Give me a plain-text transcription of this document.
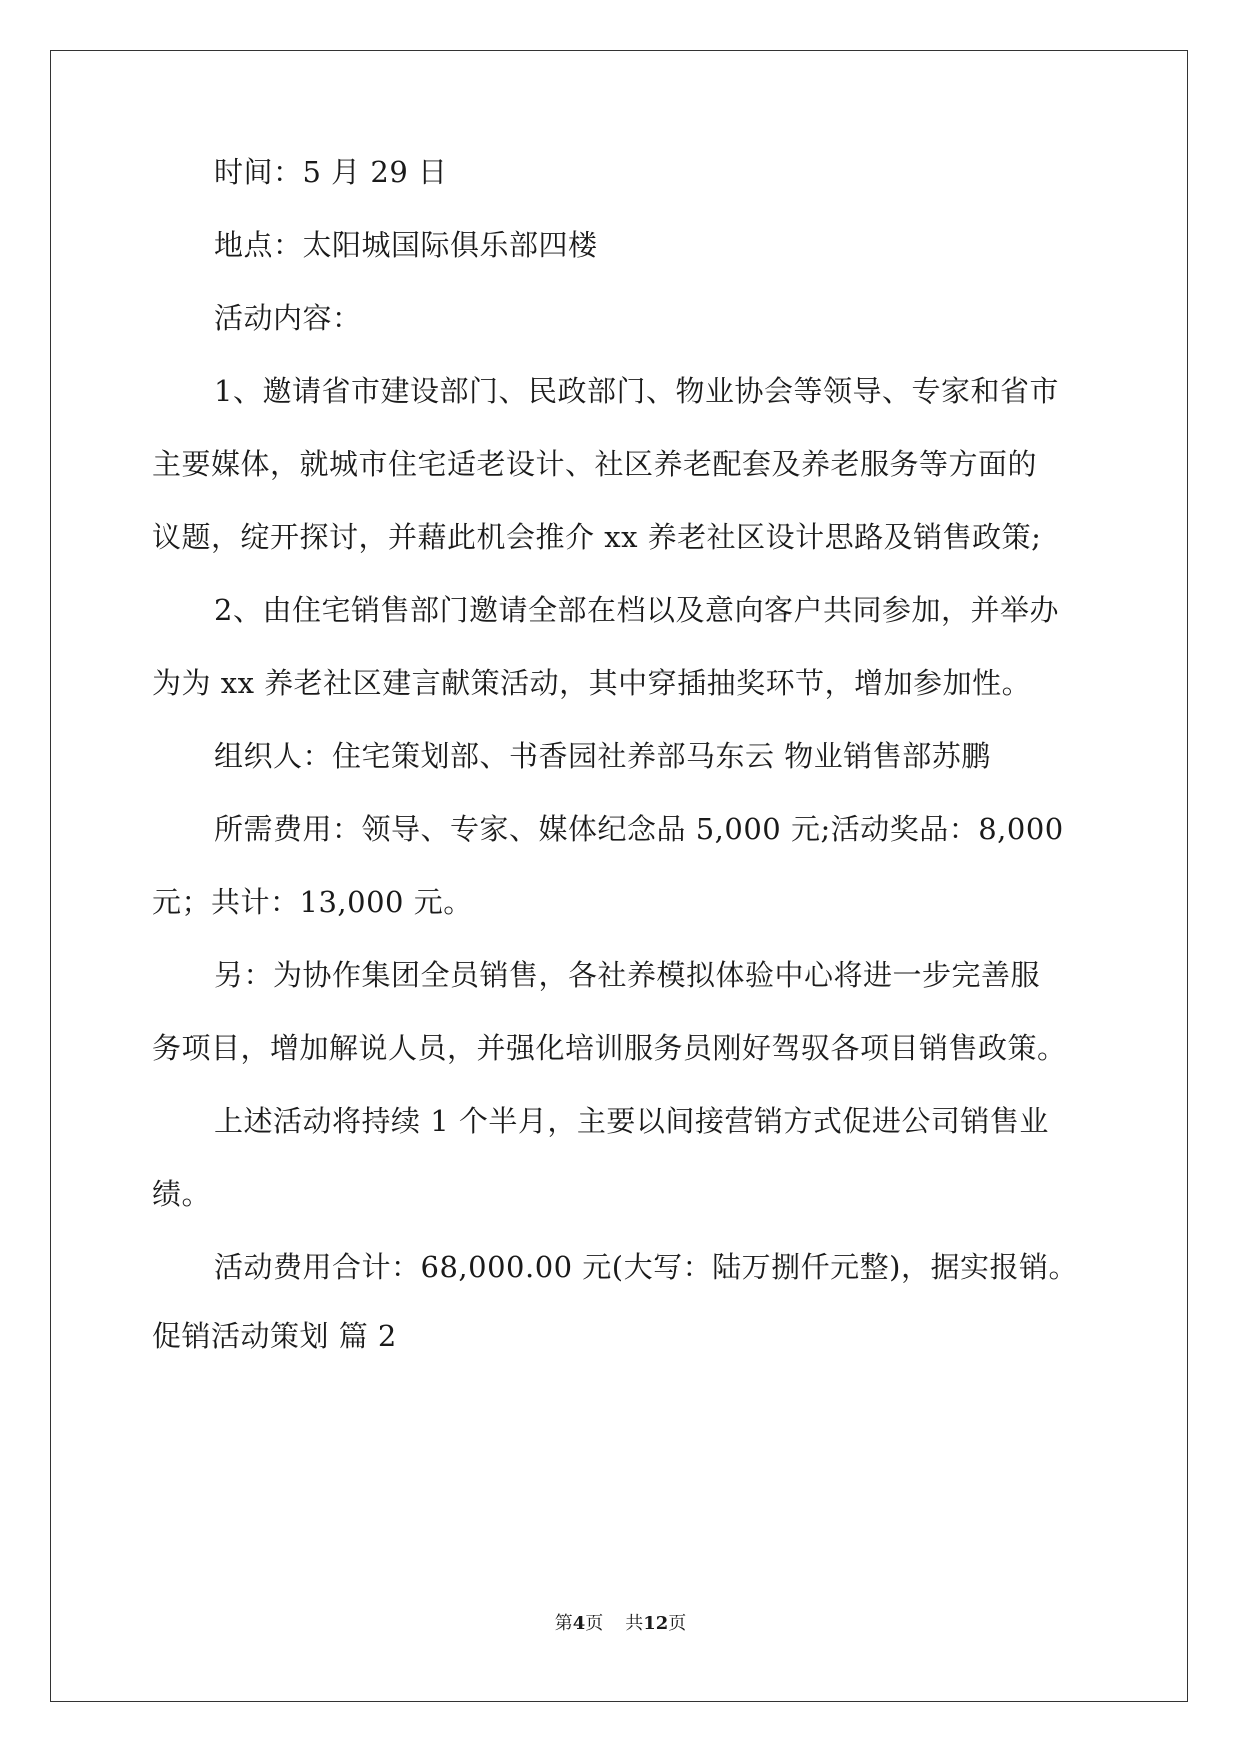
时间：5 月 29 日
地点：太阳城国际俱乐部四楼
活动内容：
1、邀请省市建设部门、民政部门、物业协会等领导、专家和省市
主要媒体，就城市住宅适老设计、社区养老配套及养老服务等方面的
议题，绽开探讨，并藉此机会推介 xx 养老社区设计思路及销售政策;
2、由住宅销售部门邀请全部在档以及意向客户共同参加，并举办
为为 xx 养老社区建言献策活动，其中穿插抽奖环节，增加参加性。
组织人：住宅策划部、书香园社养部马东云 物业销售部苏鹏
所需费用：领导、专家、媒体纪念品 5,000 元;活动奖品：8,000
元；共计：13,000 元。
另：为协作集团全员销售，各社养模拟体验中心将进一步完善服
务项目，增加解说人员，并强化培训服务员刚好驾驭各项目销售政策。
上述活动将持续 1 个半月，主要以间接营销方式促进公司销售业
绩。
活动费用合计：68,000.00 元(大写：陆万捌仟元整)，据实报销。
促销活动策划 篇 2
第4页 共12页
